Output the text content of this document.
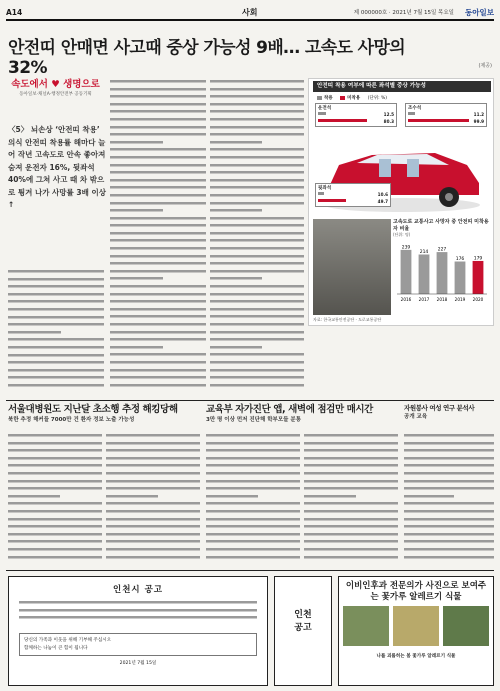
A14	사회	제 000000호 · 2021년 7월 15일 목요일 동아일보
안전띠 안매면 사고때 중상 가능성 9배… 고속도 사망의 32%	(제공)
속도에서 ♥ 생명으로
동아일보·채널A·행정안전부 공동기획
〈5〉 뇌손상 ‘안전띠 착용’ 의식 안전띠 착용률 해마다 늘어 작년 고속도로 안속 좋아져 숨져 운전자 16%, 뒷좌석 40%에 그쳐 사고 때 차 밖으로 튕겨 나가 사망률 3배 이상↑
안전띠 착용 여부에 따른 좌석별 중상 가능성
착용	미착용 (단위: %)
운전석
12.5
80.3
조수석
11.2
99.9
뒷좌석
10.6
49.7
고속도로 교통사고 사망자 중 안전띠 미착용자 비율
(단위: 명)
239
2016
214
2017
227
2018
176
2019
179
2020
자료: 한국교통안전공단 · 도로교통공단
서울대병원도 지난달 초소행 추정 해킹당해
북한 추정 해커들 7000만 건 환자 정보 노출 가능성
교육부 자가진단 앱, 새벽에 점검만 매시간
3만 명 이상 먼저 진단해 학부모들 분통
자원봉사 여성 연구 분석사
공개 교육
인천시 공고
당신의 가족과 이웃을 위해 기부해 주십시오
함께하는 나눔이 큰 힘이 됩니다
2021년 7월 15일
인천
공고
이비인후과 전문의가 사진으로 보여주는 꽃가루 알레르기 식물
나를 괴롭히는 봄 꽃가루 알레르기 식물
